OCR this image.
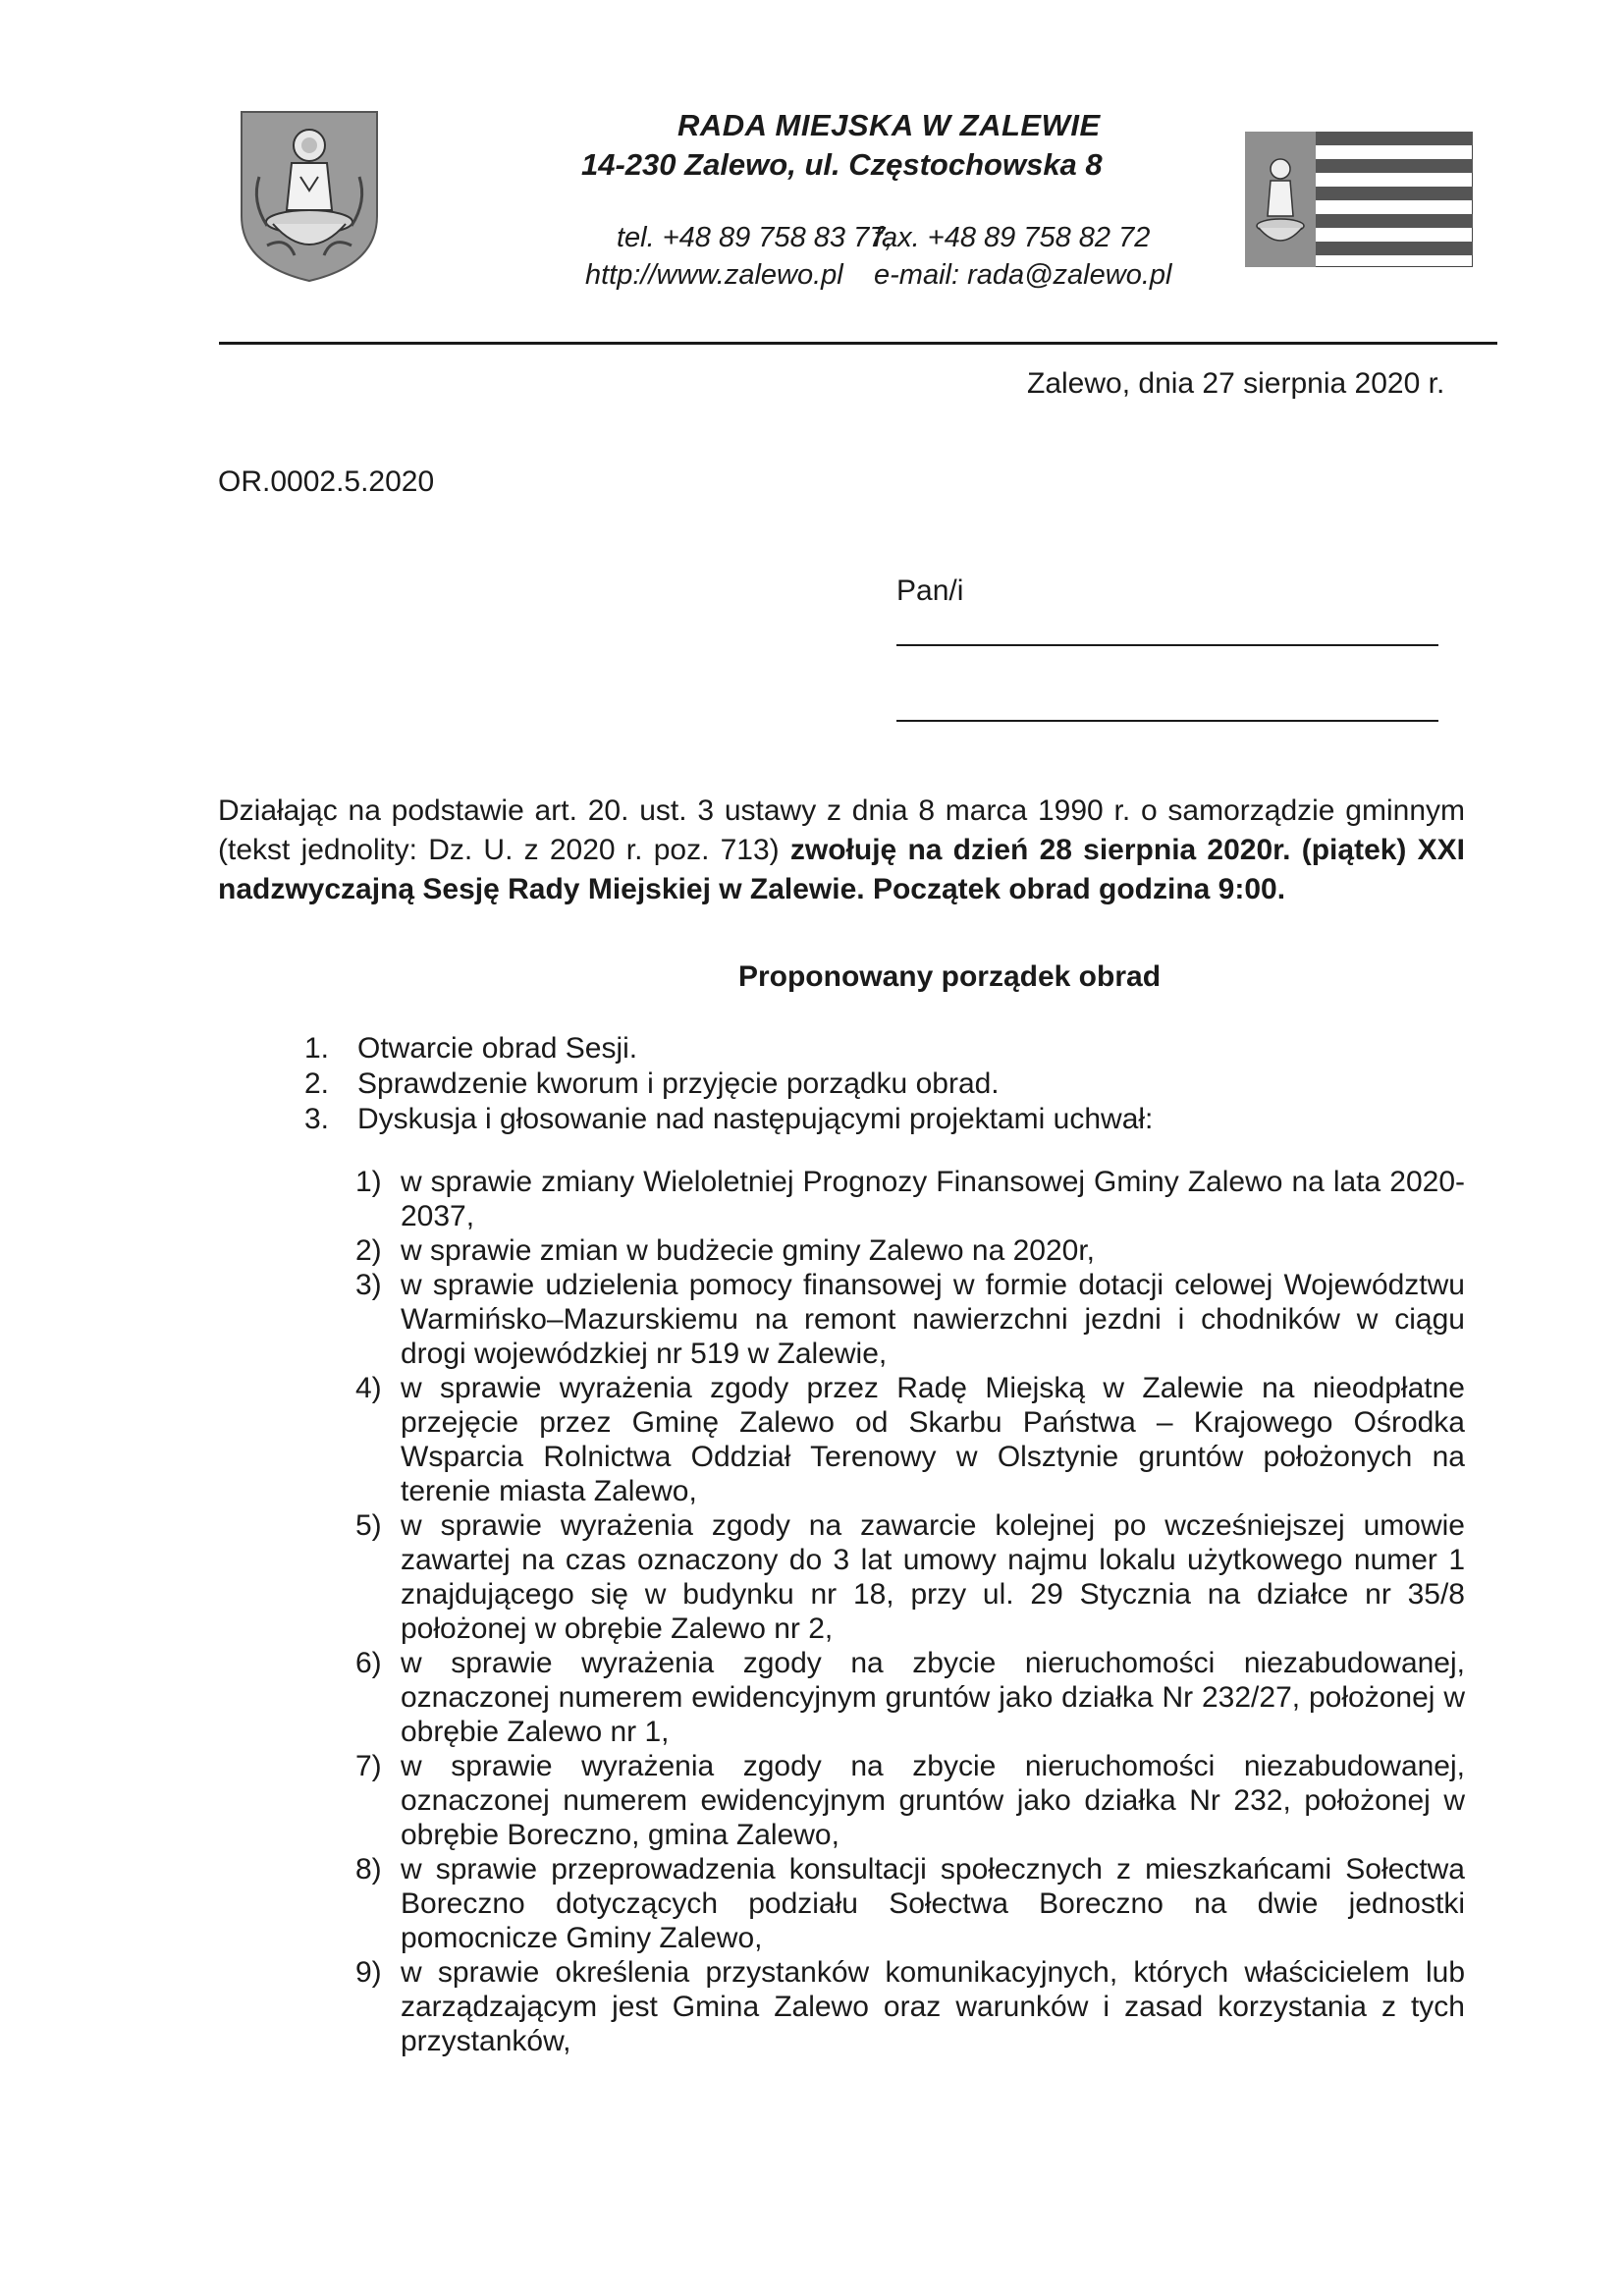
RADA MIEJSKA W ZALEWIE
14-230 Zalewo, ul. Częstochowska 8
tel. +48 89 758 83 77,
fax. +48 89 758 82 72
http://www.zalewo.pl e-mail: rada@zalewo.pl
Zalewo, dnia 27 sierpnia 2020 r.
OR.0002.5.2020
Pan/i
Działając na podstawie art. 20. ust. 3 ustawy z dnia 8 marca 1990 r. o samorządzie gminnym (tekst jednolity: Dz. U. z 2020 r. poz. 713) zwołuję na dzień 28 sierpnia 2020r. (piątek) XXI nadzwyczajną Sesję Rady Miejskiej w Zalewie. Początek obrad godzina 9:00.
Proponowany porządek obrad
1. Otwarcie obrad Sesji.
2. Sprawdzenie kworum i przyjęcie porządku obrad.
3. Dyskusja i głosowanie nad następującymi projektami uchwał:
1) w sprawie zmiany Wieloletniej Prognozy Finansowej Gminy Zalewo na lata 2020- 2037,
2) w sprawie zmian w budżecie gminy Zalewo na 2020r,
3) w sprawie udzielenia pomocy finansowej w formie dotacji celowej Województwu Warmińsko–Mazurskiemu na remont nawierzchni jezdni i chodników w ciągu drogi wojewódzkiej nr 519 w Zalewie,
4) w sprawie wyrażenia zgody przez Radę Miejską w Zalewie na nieodpłatne przejęcie przez Gminę Zalewo od Skarbu Państwa – Krajowego Ośrodka Wsparcia Rolnictwa Oddział Terenowy w Olsztynie gruntów położonych na terenie miasta Zalewo,
5) w sprawie wyrażenia zgody na zawarcie kolejnej po wcześniejszej umowie zawartej na czas oznaczony do 3 lat umowy najmu lokalu użytkowego numer 1 znajdującego się w budynku nr 18, przy ul. 29 Stycznia na działce nr 35/8 położonej w obrębie Zalewo nr 2,
6) w sprawie wyrażenia zgody na zbycie nieruchomości niezabudowanej, oznaczonej numerem ewidencyjnym gruntów jako działka Nr 232/27, położonej w obrębie Zalewo nr 1,
7) w sprawie wyrażenia zgody na zbycie nieruchomości niezabudowanej, oznaczonej numerem ewidencyjnym gruntów jako działka Nr 232, położonej w obrębie Boreczno, gmina Zalewo,
8) w sprawie przeprowadzenia konsultacji społecznych z mieszkańcami Sołectwa Boreczno dotyczących podziału Sołectwa Boreczno na dwie jednostki pomocnicze Gminy Zalewo,
9) w sprawie określenia przystanków komunikacyjnych, których właścicielem lub zarządzającym jest Gmina Zalewo oraz warunków i zasad korzystania z tych przystanków,
